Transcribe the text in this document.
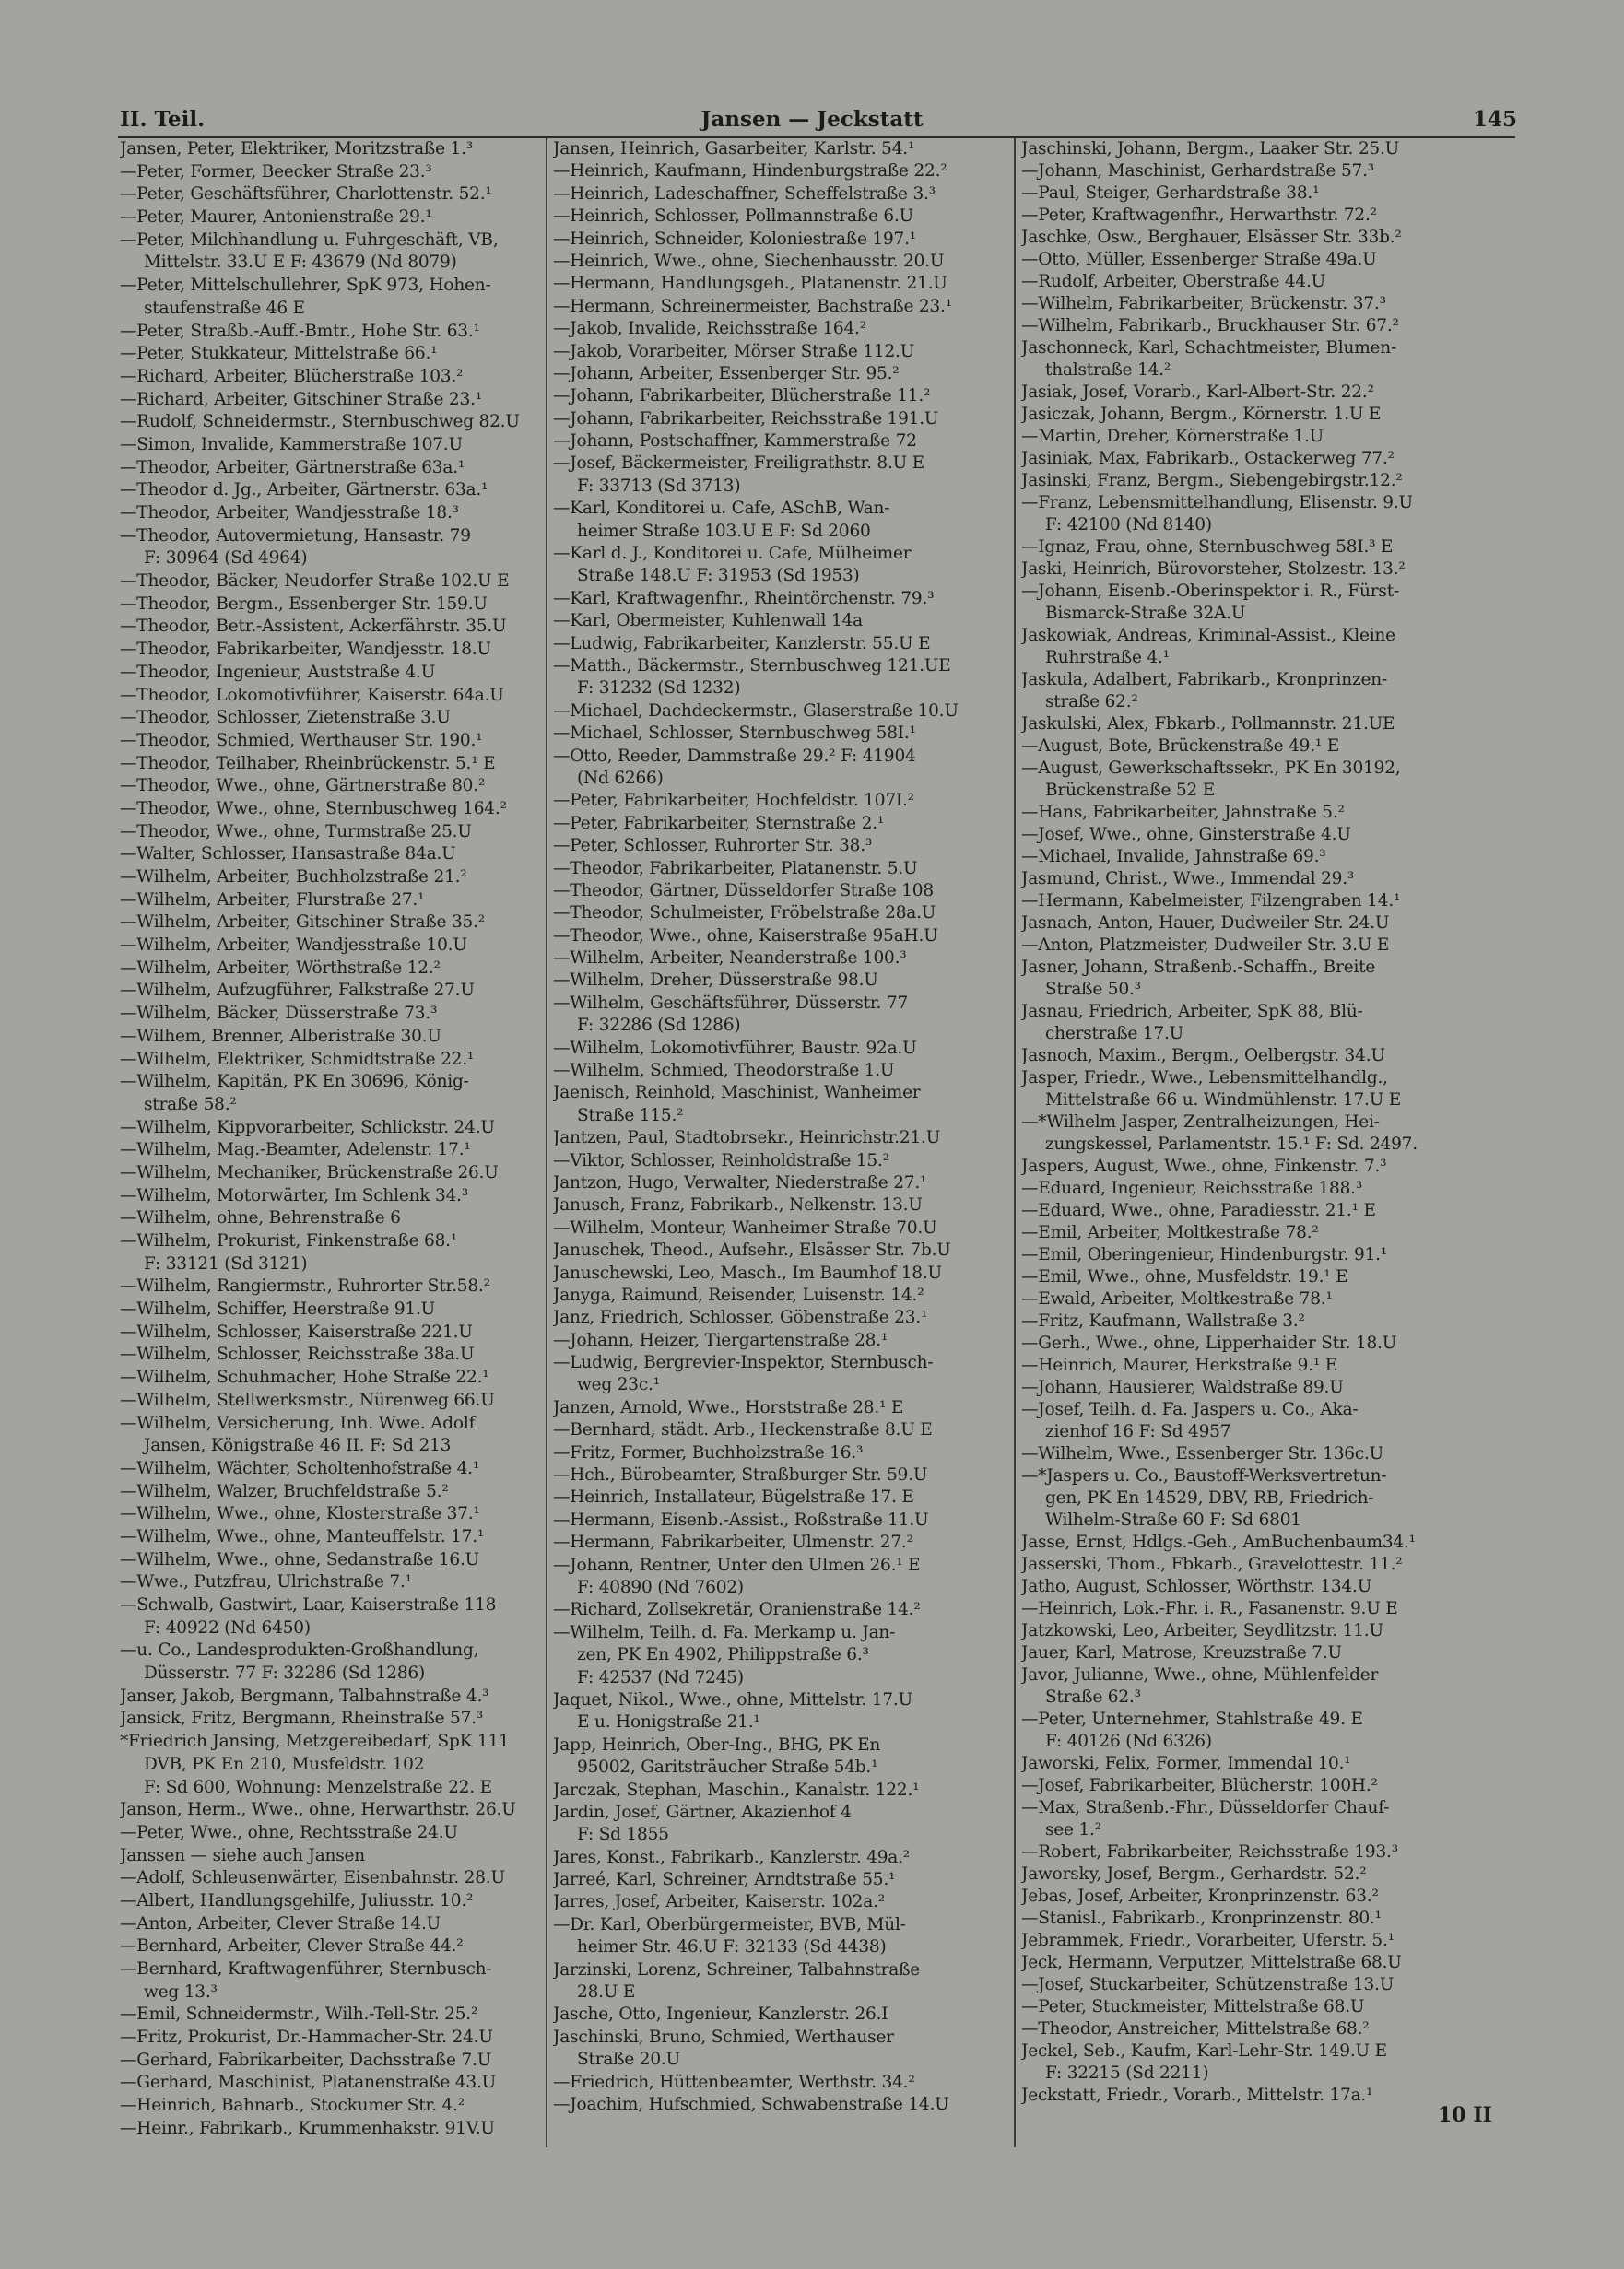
II. Teil.	Jansen — Jeckstatt	145
Jansen, Peter, Elektriker, Moritzstraße 1.³
—Peter, Former, Beecker Straße 23.³
—Peter, Geschäftsführer, Charlottenstr. 52.¹
—Peter, Maurer, Antonienstraße 29.¹
—Peter, Milchhandlung u. Fuhrgeschäft, VB,
Mittelstr. 33.U E F: 43679 (Nd 8079)
—Peter, Mittelschullehrer, SpK 973, Hohen-
staufenstraße 46 E
—Peter, Straßb.-Auff.-Bmtr., Hohe Str. 63.¹
—Peter, Stukkateur, Mittelstraße 66.¹
—Richard, Arbeiter, Blücherstraße 103.²
—Richard, Arbeiter, Gitschiner Straße 23.¹
—Rudolf, Schneidermstr., Sternbuschweg 82.U
—Simon, Invalide, Kammerstraße 107.U
—Theodor, Arbeiter, Gärtnerstraße 63a.¹
—Theodor d. Jg., Arbeiter, Gärtnerstr. 63a.¹
—Theodor, Arbeiter, Wandjesstraße 18.³
—Theodor, Autovermietung, Hansastr. 79
F: 30964 (Sd 4964)
—Theodor, Bäcker, Neudorfer Straße 102.U E
—Theodor, Bergm., Essenberger Str. 159.U
—Theodor, Betr.-Assistent, Ackerfährstr. 35.U
—Theodor, Fabrikarbeiter, Wandjesstr. 18.U
—Theodor, Ingenieur, Auststraße 4.U
—Theodor, Lokomotivführer, Kaiserstr. 64a.U
—Theodor, Schlosser, Zietenstraße 3.U
—Theodor, Schmied, Werthauser Str. 190.¹
—Theodor, Teilhaber, Rheinbrückenstr. 5.¹ E
—Theodor, Wwe., ohne, Gärtnerstraße 80.²
—Theodor, Wwe., ohne, Sternbuschweg 164.²
—Theodor, Wwe., ohne, Turmstraße 25.U
—Walter, Schlosser, Hansastraße 84a.U
—Wilhelm, Arbeiter, Buchholzstraße 21.²
—Wilhelm, Arbeiter, Flurstraße 27.¹
—Wilhelm, Arbeiter, Gitschiner Straße 35.²
—Wilhelm, Arbeiter, Wandjesstraße 10.U
—Wilhelm, Arbeiter, Wörthstraße 12.²
—Wilhelm, Aufzugführer, Falkstraße 27.U
—Wilhelm, Bäcker, Düsserstraße 73.³
—Wilhem, Brenner, Alberistraße 30.U
—Wilhelm, Elektriker, Schmidtstraße 22.¹
—Wilhelm, Kapitän, PK En 30696, König-
straße 58.²
—Wilhelm, Kippvorarbeiter, Schlickstr. 24.U
—Wilhelm, Mag.-Beamter, Adelenstr. 17.¹
—Wilhelm, Mechaniker, Brückenstraße 26.U
—Wilhelm, Motorwärter, Im Schlenk 34.³
—Wilhelm, ohne, Behrenstraße 6
—Wilhelm, Prokurist, Finkenstraße 68.¹
F: 33121 (Sd 3121)
—Wilhelm, Rangiermstr., Ruhrorter Str.58.²
—Wilhelm, Schiffer, Heerstraße 91.U
—Wilhelm, Schlosser, Kaiserstraße 221.U
—Wilhelm, Schlosser, Reichsstraße 38a.U
—Wilhelm, Schuhmacher, Hohe Straße 22.¹
—Wilhelm, Stellwerksmstr., Nürenweg 66.U
—Wilhelm, Versicherung, Inh. Wwe. Adolf
Jansen, Königstraße 46 II. F: Sd 213
—Wilhelm, Wächter, Scholtenhofstraße 4.¹
—Wilhelm, Walzer, Bruchfeldstraße 5.²
—Wilhelm, Wwe., ohne, Klosterstraße 37.¹
—Wilhelm, Wwe., ohne, Manteuffelstr. 17.¹
—Wilhelm, Wwe., ohne, Sedanstraße 16.U
—Wwe., Putzfrau, Ulrichstraße 7.¹
—Schwalb, Gastwirt, Laar, Kaiserstraße 118
F: 40922 (Nd 6450)
—u. Co., Landesprodukten-Großhandlung,
Düsserstr. 77 F: 32286 (Sd 1286)
Janser, Jakob, Bergmann, Talbahnstraße 4.³
Jansick, Fritz, Bergmann, Rheinstraße 57.³
*Friedrich Jansing, Metzgereibedarf, SpK 111
DVB, PK En 210, Musfeldstr. 102
F: Sd 600, Wohnung: Menzelstraße 22. E
Janson, Herm., Wwe., ohne, Herwarthstr. 26.U
—Peter, Wwe., ohne, Rechtsstraße 24.U
Janssen — siehe auch Jansen
—Adolf, Schleusenwärter, Eisenbahnstr. 28.U
—Albert, Handlungsgehilfe, Juliusstr. 10.²
—Anton, Arbeiter, Clever Straße 14.U
—Bernhard, Arbeiter, Clever Straße 44.²
—Bernhard, Kraftwagenführer, Sternbusch-
weg 13.³
—Emil, Schneidermstr., Wilh.-Tell-Str. 25.²
—Fritz, Prokurist, Dr.-Hammacher-Str. 24.U
—Gerhard, Fabrikarbeiter, Dachsstraße 7.U
—Gerhard, Maschinist, Platanenstraße 43.U
—Heinrich, Bahnarb., Stockumer Str. 4.²
—Heinr., Fabrikarb., Krummenhakstr. 91V.U
Jansen, Heinrich, Gasarbeiter, Karlstr. 54.¹
—Heinrich, Kaufmann, Hindenburgstraße 22.²
—Heinrich, Ladeschaffner, Scheffelstraße 3.³
—Heinrich, Schlosser, Pollmannstraße 6.U
—Heinrich, Schneider, Koloniestraße 197.¹
—Heinrich, Wwe., ohne, Siechenhausstr. 20.U
—Hermann, Handlungsgeh., Platanenstr. 21.U
—Hermann, Schreinermeister, Bachstraße 23.¹
—Jakob, Invalide, Reichsstraße 164.²
—Jakob, Vorarbeiter, Mörser Straße 112.U
—Johann, Arbeiter, Essenberger Str. 95.²
—Johann, Fabrikarbeiter, Blücherstraße 11.²
—Johann, Fabrikarbeiter, Reichsstraße 191.U
—Johann, Postschaffner, Kammerstraße 72
—Josef, Bäckermeister, Freiligrathstr. 8.U E
F: 33713 (Sd 3713)
—Karl, Konditorei u. Cafe, ASchB, Wan-
heimer Straße 103.U E F: Sd 2060
—Karl d. J., Konditorei u. Cafe, Mülheimer
Straße 148.U F: 31953 (Sd 1953)
—Karl, Kraftwagenfhr., Rheintörchenstr. 79.³
—Karl, Obermeister, Kuhlenwall 14a
—Ludwig, Fabrikarbeiter, Kanzlerstr. 55.U E
—Matth., Bäckermstr., Sternbuschweg 121.UE
F: 31232 (Sd 1232)
—Michael, Dachdeckermstr., Glaserstraße 10.U
—Michael, Schlosser, Sternbuschweg 58I.¹
—Otto, Reeder, Dammstraße 29.² F: 41904
(Nd 6266)
—Peter, Fabrikarbeiter, Hochfeldstr. 107I.²
—Peter, Fabrikarbeiter, Sternstraße 2.¹
—Peter, Schlosser, Ruhrorter Str. 38.³
—Theodor, Fabrikarbeiter, Platanenstr. 5.U
—Theodor, Gärtner, Düsseldorfer Straße 108
—Theodor, Schulmeister, Fröbelstraße 28a.U
—Theodor, Wwe., ohne, Kaiserstraße 95aH.U
—Wilhelm, Arbeiter, Neanderstraße 100.³
—Wilhelm, Dreher, Düsserstraße 98.U
—Wilhelm, Geschäftsführer, Düsserstr. 77
F: 32286 (Sd 1286)
—Wilhelm, Lokomotivführer, Baustr. 92a.U
—Wilhelm, Schmied, Theodorstraße 1.U
Jaenisch, Reinhold, Maschinist, Wanheimer
Straße 115.²
Jantzen, Paul, Stadtobrsekr., Heinrichstr.21.U
—Viktor, Schlosser, Reinholdstraße 15.²
Jantzon, Hugo, Verwalter, Niederstraße 27.¹
Janusch, Franz, Fabrikarb., Nelkenstr. 13.U
—Wilhelm, Monteur, Wanheimer Straße 70.U
Januschek, Theod., Aufsehr., Elsässer Str. 7b.U
Januschewski, Leo, Masch., Im Baumhof 18.U
Janyga, Raimund, Reisender, Luisenstr. 14.²
Janz, Friedrich, Schlosser, Göbenstraße 23.¹
—Johann, Heizer, Tiergartenstraße 28.¹
—Ludwig, Bergrevier-Inspektor, Sternbusch-
weg 23c.¹
Janzen, Arnold, Wwe., Horststraße 28.¹ E
—Bernhard, städt. Arb., Heckenstraße 8.U E
—Fritz, Former, Buchholzstraße 16.³
—Hch., Bürobeamter, Straßburger Str. 59.U
—Heinrich, Installateur, Bügelstraße 17. E
—Hermann, Eisenb.-Assist., Roßstraße 11.U
—Hermann, Fabrikarbeiter, Ulmenstr. 27.²
—Johann, Rentner, Unter den Ulmen 26.¹ E
F: 40890 (Nd 7602)
—Richard, Zollsekretär, Oranienstraße 14.²
—Wilhelm, Teilh. d. Fa. Merkamp u. Jan-
zen, PK En 4902, Philippstraße 6.³
F: 42537 (Nd 7245)
Jaquet, Nikol., Wwe., ohne, Mittelstr. 17.U
E u. Honigstraße 21.¹
Japp, Heinrich, Ober-Ing., BHG, PK En
95002, Garitsträucher Straße 54b.¹
Jarczak, Stephan, Maschin., Kanalstr. 122.¹
Jardin, Josef, Gärtner, Akazienhof 4
F: Sd 1855
Jares, Konst., Fabrikarb., Kanzlerstr. 49a.²
Jarreé, Karl, Schreiner, Arndtstraße 55.¹
Jarres, Josef, Arbeiter, Kaiserstr. 102a.²
—Dr. Karl, Oberbürgermeister, BVB, Mül-
heimer Str. 46.U F: 32133 (Sd 4438)
Jarzinski, Lorenz, Schreiner, Talbahnstraße
28.U E
Jasche, Otto, Ingenieur, Kanzlerstr. 26.I
Jaschinski, Bruno, Schmied, Werthauser
Straße 20.U
—Friedrich, Hüttenbeamter, Werthstr. 34.²
—Joachim, Hufschmied, Schwabenstraße 14.U
Jaschinski, Johann, Bergm., Laaker Str. 25.U
—Johann, Maschinist, Gerhardstraße 57.³
—Paul, Steiger, Gerhardstraße 38.¹
—Peter, Kraftwagenfhr., Herwarthstr. 72.²
Jaschke, Osw., Berghauer, Elsässer Str. 33b.²
—Otto, Müller, Essenberger Straße 49a.U
—Rudolf, Arbeiter, Oberstraße 44.U
—Wilhelm, Fabrikarbeiter, Brückenstr. 37.³
—Wilhelm, Fabrikarb., Bruckhauser Str. 67.²
Jaschonneck, Karl, Schachtmeister, Blumen-
thalstraße 14.²
Jasiak, Josef, Vorarb., Karl-Albert-Str. 22.²
Jasiczak, Johann, Bergm., Körnerstr. 1.U E
—Martin, Dreher, Körnerstraße 1.U
Jasiniak, Max, Fabrikarb., Ostackerweg 77.²
Jasinski, Franz, Bergm., Siebengebirgstr.12.²
—Franz, Lebensmittelhandlung, Elisenstr. 9.U
F: 42100 (Nd 8140)
—Ignaz, Frau, ohne, Sternbuschweg 58I.³ E
Jaski, Heinrich, Bürovorsteher, Stolzestr. 13.²
—Johann, Eisenb.-Oberinspektor i. R., Fürst-
Bismarck-Straße 32A.U
Jaskowiak, Andreas, Kriminal-Assist., Kleine
Ruhrstraße 4.¹
Jaskula, Adalbert, Fabrikarb., Kronprinzen-
straße 62.²
Jaskulski, Alex, Fbkarb., Pollmannstr. 21.UE
—August, Bote, Brückenstraße 49.¹ E
—August, Gewerkschaftssekr., PK En 30192,
Brückenstraße 52 E
—Hans, Fabrikarbeiter, Jahnstraße 5.²
—Josef, Wwe., ohne, Ginsterstraße 4.U
—Michael, Invalide, Jahnstraße 69.³
Jasmund, Christ., Wwe., Immendal 29.³
—Hermann, Kabelmeister, Filzengraben 14.¹
Jasnach, Anton, Hauer, Dudweiler Str. 24.U
—Anton, Platzmeister, Dudweiler Str. 3.U E
Jasner, Johann, Straßenb.-Schaffn., Breite
Straße 50.³
Jasnau, Friedrich, Arbeiter, SpK 88, Blü-
cherstraße 17.U
Jasnoch, Maxim., Bergm., Oelbergstr. 34.U
Jasper, Friedr., Wwe., Lebensmittelhandlg.,
Mittelstraße 66 u. Windmühlenstr. 17.U E
—*Wilhelm Jasper, Zentralheizungen, Hei-
zungskessel, Parlamentstr. 15.¹ F: Sd. 2497.
Jaspers, August, Wwe., ohne, Finkenstr. 7.³
—Eduard, Ingenieur, Reichsstraße 188.³
—Eduard, Wwe., ohne, Paradiesstr. 21.¹ E
—Emil, Arbeiter, Moltkestraße 78.²
—Emil, Oberingenieur, Hindenburgstr. 91.¹
—Emil, Wwe., ohne, Musfeldstr. 19.¹ E
—Ewald, Arbeiter, Moltkestraße 78.¹
—Fritz, Kaufmann, Wallstraße 3.²
—Gerh., Wwe., ohne, Lipperhaider Str. 18.U
—Heinrich, Maurer, Herkstraße 9.¹ E
—Johann, Hausierer, Waldstraße 89.U
—Josef, Teilh. d. Fa. Jaspers u. Co., Aka-
zienhof 16 F: Sd 4957
—Wilhelm, Wwe., Essenberger Str. 136c.U
—*Jaspers u. Co., Baustoff-Werksvertretun-
gen, PK En 14529, DBV, RB, Friedrich-
Wilhelm-Straße 60 F: Sd 6801
Jasse, Ernst, Hdlgs.-Geh., AmBuchenbaum34.¹
Jasserski, Thom., Fbkarb., Gravelottestr. 11.²
Jatho, August, Schlosser, Wörthstr. 134.U
—Heinrich, Lok.-Fhr. i. R., Fasanenstr. 9.U E
Jatzkowski, Leo, Arbeiter, Seydlitzstr. 11.U
Jauer, Karl, Matrose, Kreuzstraße 7.U
Javor, Julianne, Wwe., ohne, Mühlenfelder
Straße 62.³
—Peter, Unternehmer, Stahlstraße 49. E
F: 40126 (Nd 6326)
Jaworski, Felix, Former, Immendal 10.¹
—Josef, Fabrikarbeiter, Blücherstr. 100H.²
—Max, Straßenb.-Fhr., Düsseldorfer Chauf-
see 1.²
—Robert, Fabrikarbeiter, Reichsstraße 193.³
Jaworsky, Josef, Bergm., Gerhardstr. 52.²
Jebas, Josef, Arbeiter, Kronprinzenstr. 63.²
—Stanisl., Fabrikarb., Kronprinzenstr. 80.¹
Jebrammek, Friedr., Vorarbeiter, Uferstr. 5.¹
Jeck, Hermann, Verputzer, Mittelstraße 68.U
—Josef, Stuckarbeiter, Schützenstraße 13.U
—Peter, Stuckmeister, Mittelstraße 68.U
—Theodor, Anstreicher, Mittelstraße 68.²
Jeckel, Seb., Kaufm, Karl-Lehr-Str. 149.U E
F: 32215 (Sd 2211)
Jeckstatt, Friedr., Vorarb., Mittelstr. 17a.¹
10 II
